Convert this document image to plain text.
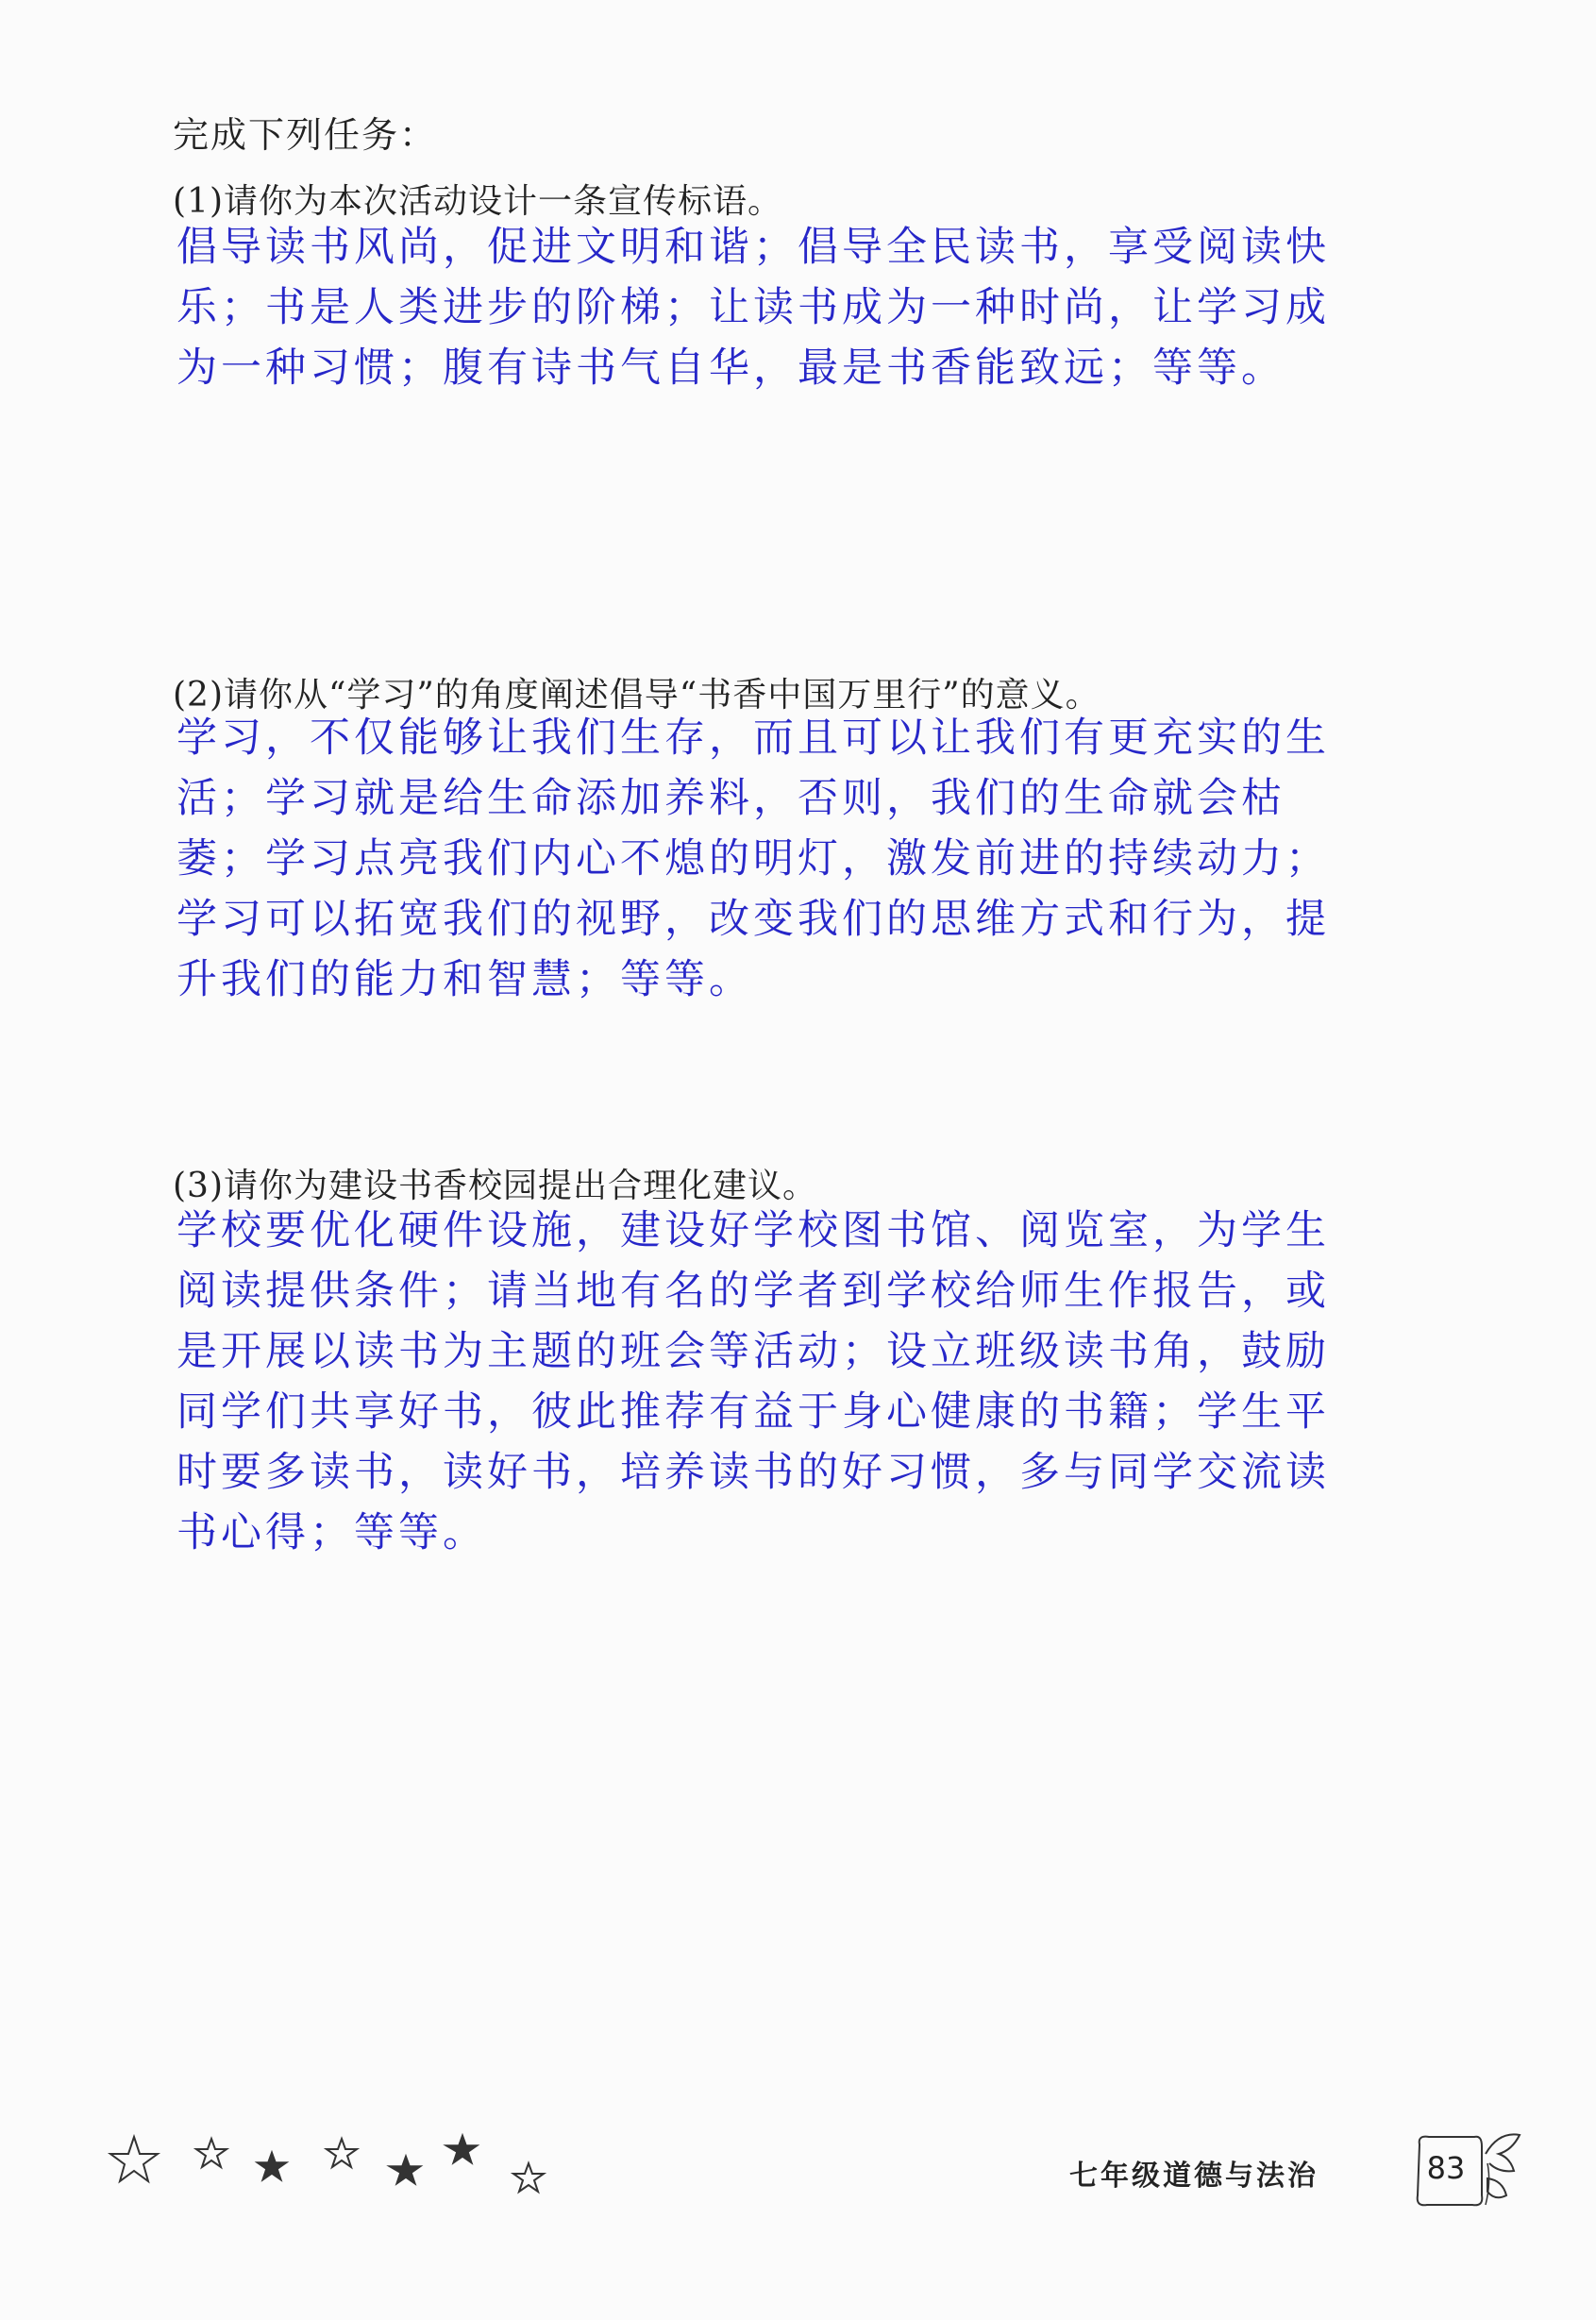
完成下列任务：

(1)请你为本次活动设计一条宣传标语。

倡导读书风尚，促进文明和谐；倡导全民读书，享受阅读快乐；书是人类进步的阶梯；让读书成为一种时尚，让学习成为一种习惯；腹有诗书气自华，最是书香能致远；等等。

(2)请你从“学习”的角度阐述倡导“书香中国万里行”的意义。

学习，不仅能够让我们生存，而且可以让我们有更充实的生活；学习就是给生命添加养料，否则，我们的生命就会枯萎；学习点亮我们内心不熄的明灯，激发前进的持续动力；学习可以拓宽我们的视野，改变我们的思维方式和行为，提升我们的能力和智慧；等等。

(3)请你为建设书香校园提出合理化建议。

学校要优化硬件设施，建设好学校图书馆、阅览室，为学生阅读提供条件；请当地有名的学者到学校给师生作报告，或是开展以读书为主题的班会等活动；设立班级读书角，鼓励同学们共享好书，彼此推荐有益于身心健康的书籍；学生平时要多读书，读好书，培养读书的好习惯，多与同学交流读书心得；等等。

七年级道德与法治	83
